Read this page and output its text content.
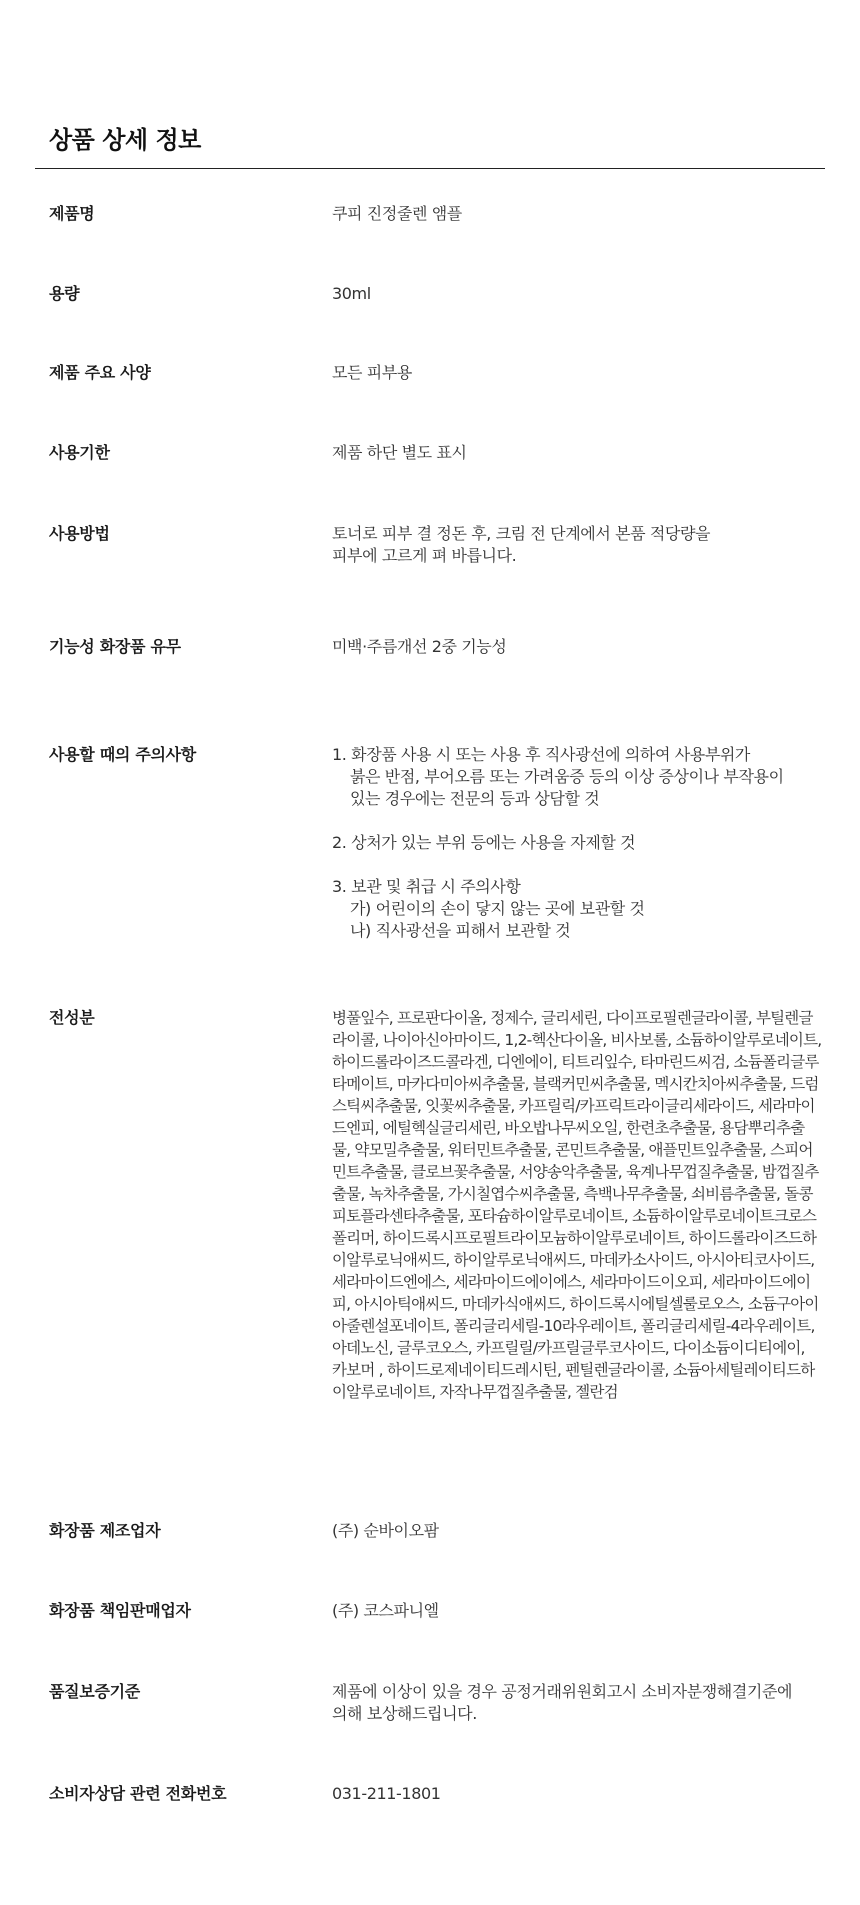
상품 상세 정보
제품명	쿠피 진정줄렌 앰플
용량	30ml
제품 주요 사양	모든 피부용
사용기한	제품 하단 별도 표시
사용방법	토너로 피부 결 정돈 후, 크림 전 단계에서 본품 적당량을
피부에 고르게 펴 바릅니다.
기능성 화장품 유무	미백·주름개선 2중 기능성
사용할 때의 주의사항	1. 화장품 사용 시 또는 사용 후 직사광선에 의하여 사용부위가
붉은 반점, 부어오름 또는 가려움증 등의 이상 증상이나 부작용이
있는 경우에는 전문의 등과 상담할 것
2. 상처가 있는 부위 등에는 사용을 자제할 것
3. 보관 및 취급 시 주의사항
가) 어린이의 손이 닿지 않는 곳에 보관할 것
나) 직사광선을 피해서 보관할 것
전성분	병풀잎수, 프로판다이올, 정제수, 글리세린, 다이프로필렌글라이콜, 부틸렌글라이콜, 나이아신아마이드, 1,2-헥산다이올, 비사보롤, 소듐하이알루로네이트, 하이드롤라이즈드콜라겐, 디엔에이, 티트리잎수, 타마린드씨검, 소듐폴리글루타메이트, 마카다미아씨추출물, 블랙커민씨추출물, 멕시칸치아씨추출물, 드럼스틱씨추출물, 잇꽃씨추출물, 카프릴릭/카프릭트라이글리세라이드, 세라마이드엔피, 에틸헥실글리세린, 바오밥나무씨오일, 한련초추출물, 용담뿌리추출물, 약모밀추출물, 워터민트추출물, 콘민트추출물, 애플민트잎추출물, 스피어민트추출물, 클로브꽃추출물, 서양송악추출물, 육계나무껍질추출물, 밤껍질추출물, 녹차추출물, 가시칠엽수씨추출물, 측백나무추출물, 쇠비름추출물, 돌콩피토플라센타추출물, 포타슘하이알루로네이트, 소듐하이알루로네이트크로스폴리머, 하이드록시프로필트라이모늄하이알루로네이트, 하이드롤라이즈드하이알루로닉애씨드, 하이알루로닉애씨드, 마데카소사이드, 아시아티코사이드, 세라마이드엔에스, 세라마이드에이에스, 세라마이드이오피, 세라마이드에이피, 아시아틱애씨드, 마데카식애씨드, 하이드록시에틸셀룰로오스, 소듐구아이아줄렌설포네이트, 폴리글리세릴-10라우레이트, 폴리글리세릴-4라우레이트, 아데노신, 글루코오스, 카프릴릴/카프릴글루코사이드, 다이소듐이디티에이, 카보머 , 하이드로제네이티드레시틴, 펜틸렌글라이콜, 소듐아세틸레이티드하이알루로네이트, 자작나무껍질추출물, 젤란검
화장품 제조업자	(주) 순바이오팜
화장품 책임판매업자	(주) 코스파니엘
품질보증기준	제품에 이상이 있을 경우 공정거래위원회고시 소비자분쟁해결기준에
의해 보상해드립니다.
소비자상담 관련 전화번호	031-211-1801
